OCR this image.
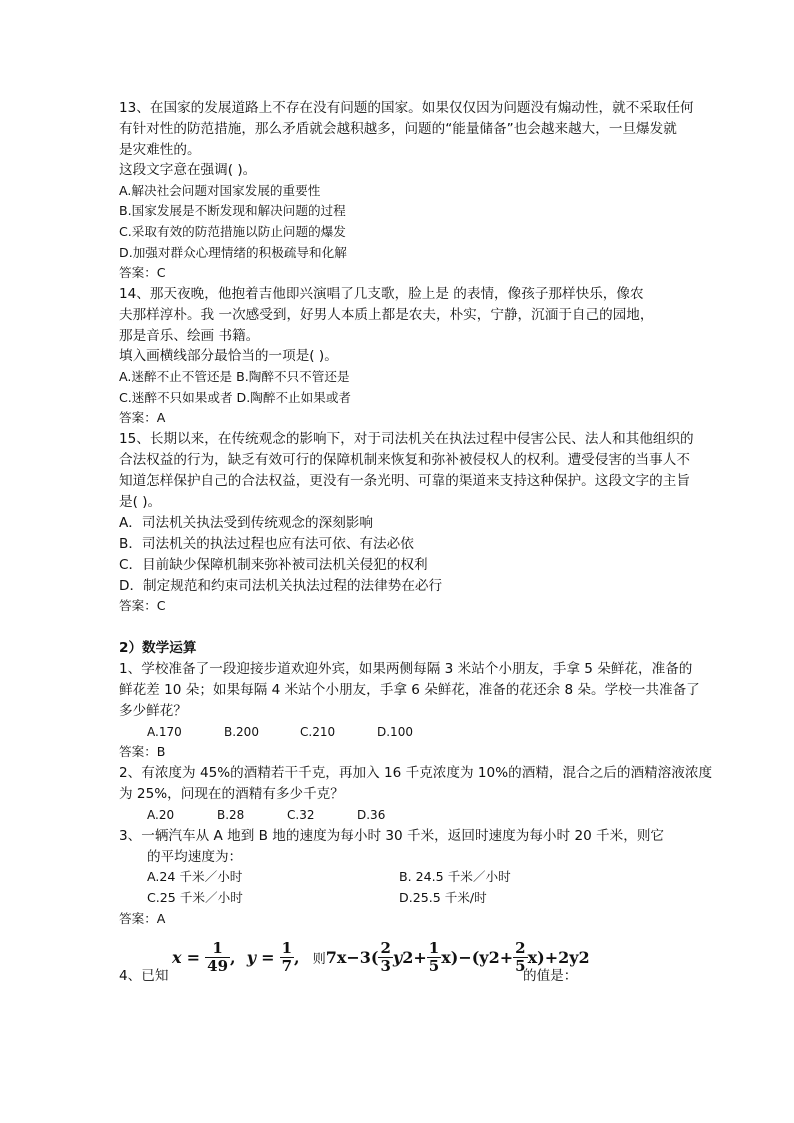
13、在国家的发展道路上不存在没有问题的国家。如果仅仅因为问题没有煽动性，就不采取任何
有针对性的防范措施，那么矛盾就会越积越多，问题的“能量储备”也会越来越大，一旦爆发就
是灾难性的。
这段文字意在强调( )。
A.解决社会问题对国家发展的重要性
B.国家发展是不断发现和解决问题的过程
C.采取有效的防范措施以防止问题的爆发
D.加强对群众心理情绪的积极疏导和化解
答案：C
14、那天夜晚，他抱着吉他即兴演唱了几支歌，脸上是 的表情，像孩子那样快乐，像农
夫那样淳朴。我 一次感受到，好男人本质上都是农夫，朴实，宁静，沉湎于自己的园地，
那是音乐、绘画 书籍。
填入画横线部分最恰当的一项是( )。
A.迷醉不止不管还是 B.陶醉不只不管还是
C.迷醉不只如果或者 D.陶醉不止如果或者
答案：A
15、长期以来，在传统观念的影响下，对于司法机关在执法过程中侵害公民、法人和其他组织的
合法权益的行为，缺乏有效可行的保障机制来恢复和弥补被侵权人的权利。遭受侵害的当事人不
知道怎样保护自己的合法权益，更没有一条光明、可靠的渠道来支持这种保护。这段文字的主旨
是( )。
A．司法机关执法受到传统观念的深刻影响
B．司法机关的执法过程也应有法可依、有法必依
C．目前缺少保障机制来弥补被司法机关侵犯的权利
D．制定规范和约束司法机关执法过程的法律势在必行
答案：C
2）数学运算
1、学校准备了一段迎接步道欢迎外宾，如果两侧每隔 3 米站个小朋友，手拿 5 朵鲜花，准备的
鲜花差 10 朵；如果每隔 4 米站个小朋友，手拿 6 朵鲜花，准备的花还余 8 朵。学校一共准备了
多少鲜花？
A.170	B.200	C.210	D.100
答案：B
2、有浓度为 45%的酒精若干千克，再加入 16 千克浓度为 10%的酒精，混合之后的酒精溶液浓度
为 25%，问现在的酒精有多少千克？
A.20	B.28	C.32	D.36
3、一辆汽车从 A 地到 B 地的速度为每小时 30 千米，返回时速度为每小时 20 千米，则它
的平均速度为：
A.24 千米／小时	B. 24.5 千米／小时
C.25 千米／小时	D.25.5 千米/时
答案：A
4、已知
$x = \frac{1}{49}$ , $y = \frac{1}{7}$ , 则$7x-3( \frac{2}{3} y2+ \frac{1}{5} x)-(y2+ \frac{2}{5} x)+2y2$
的值是：
